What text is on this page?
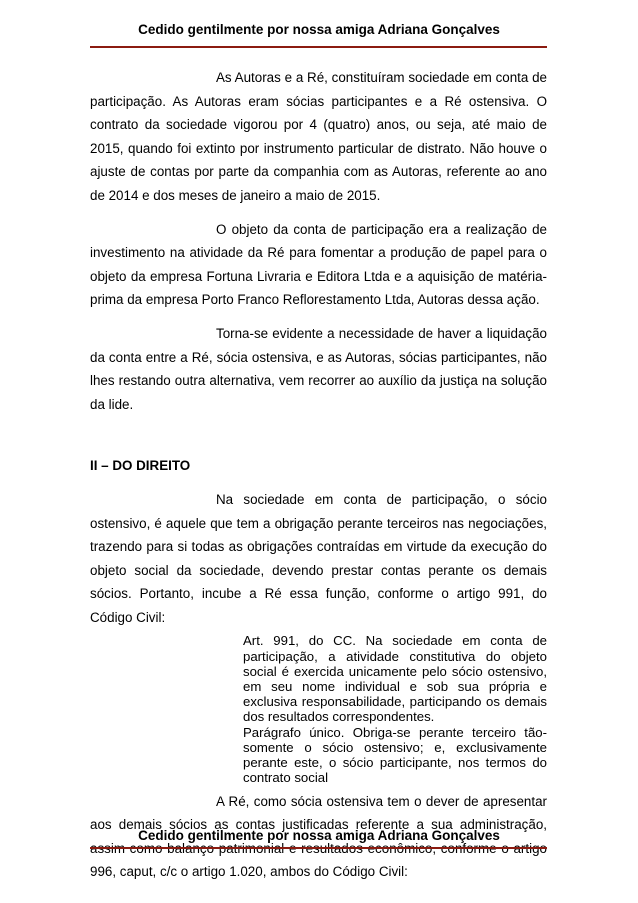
Cedido gentilmente por nossa amiga Adriana Gonçalves

As Autoras e a Ré, constituíram sociedade em conta de participação. As Autoras eram sócias participantes e a Ré ostensiva. O contrato da sociedade vigorou por 4 (quatro) anos, ou seja, até maio de 2015, quando foi extinto por instrumento particular de distrato. Não houve o ajuste de contas por parte da companhia com as Autoras, referente ao ano de 2014 e dos meses de janeiro a maio de 2015.

O objeto da conta de participação era a realização de investimento na atividade da Ré para fomentar a produção de papel para o objeto da empresa Fortuna Livraria e Editora Ltda e a aquisição de matéria-prima da empresa Porto Franco Reflorestamento Ltda, Autoras dessa ação.

Torna-se evidente a necessidade de haver a liquidação da conta entre a Ré, sócia ostensiva, e as Autoras, sócias participantes, não lhes restando outra alternativa, vem recorrer ao auxílio da justiça na solução da lide.

II – DO DIREITO

Na sociedade em conta de participação, o sócio ostensivo, é aquele que tem a obrigação perante terceiros nas negociações, trazendo para si todas as obrigações contraídas em virtude da execução do objeto social da sociedade, devendo prestar contas perante os demais sócios. Portanto, incube a Ré essa função, conforme o artigo 991, do Código Civil:

Art. 991, do CC. Na sociedade em conta de participação, a atividade constitutiva do objeto social é exercida unicamente pelo sócio ostensivo, em seu nome individual e sob sua própria e exclusiva responsabilidade, participando os demais dos resultados correspondentes.
Parágrafo único. Obriga-se perante terceiro tão-somente o sócio ostensivo; e, exclusivamente perante este, o sócio participante, nos termos do contrato social

A Ré, como sócia ostensiva tem o dever de apresentar aos demais sócios as contas justificadas referente a sua administração, 996, caput, c/c o artigo 1.020, ambos do Código Civil:

Cedido gentilmente por nossa amiga Adriana Gonçalves
